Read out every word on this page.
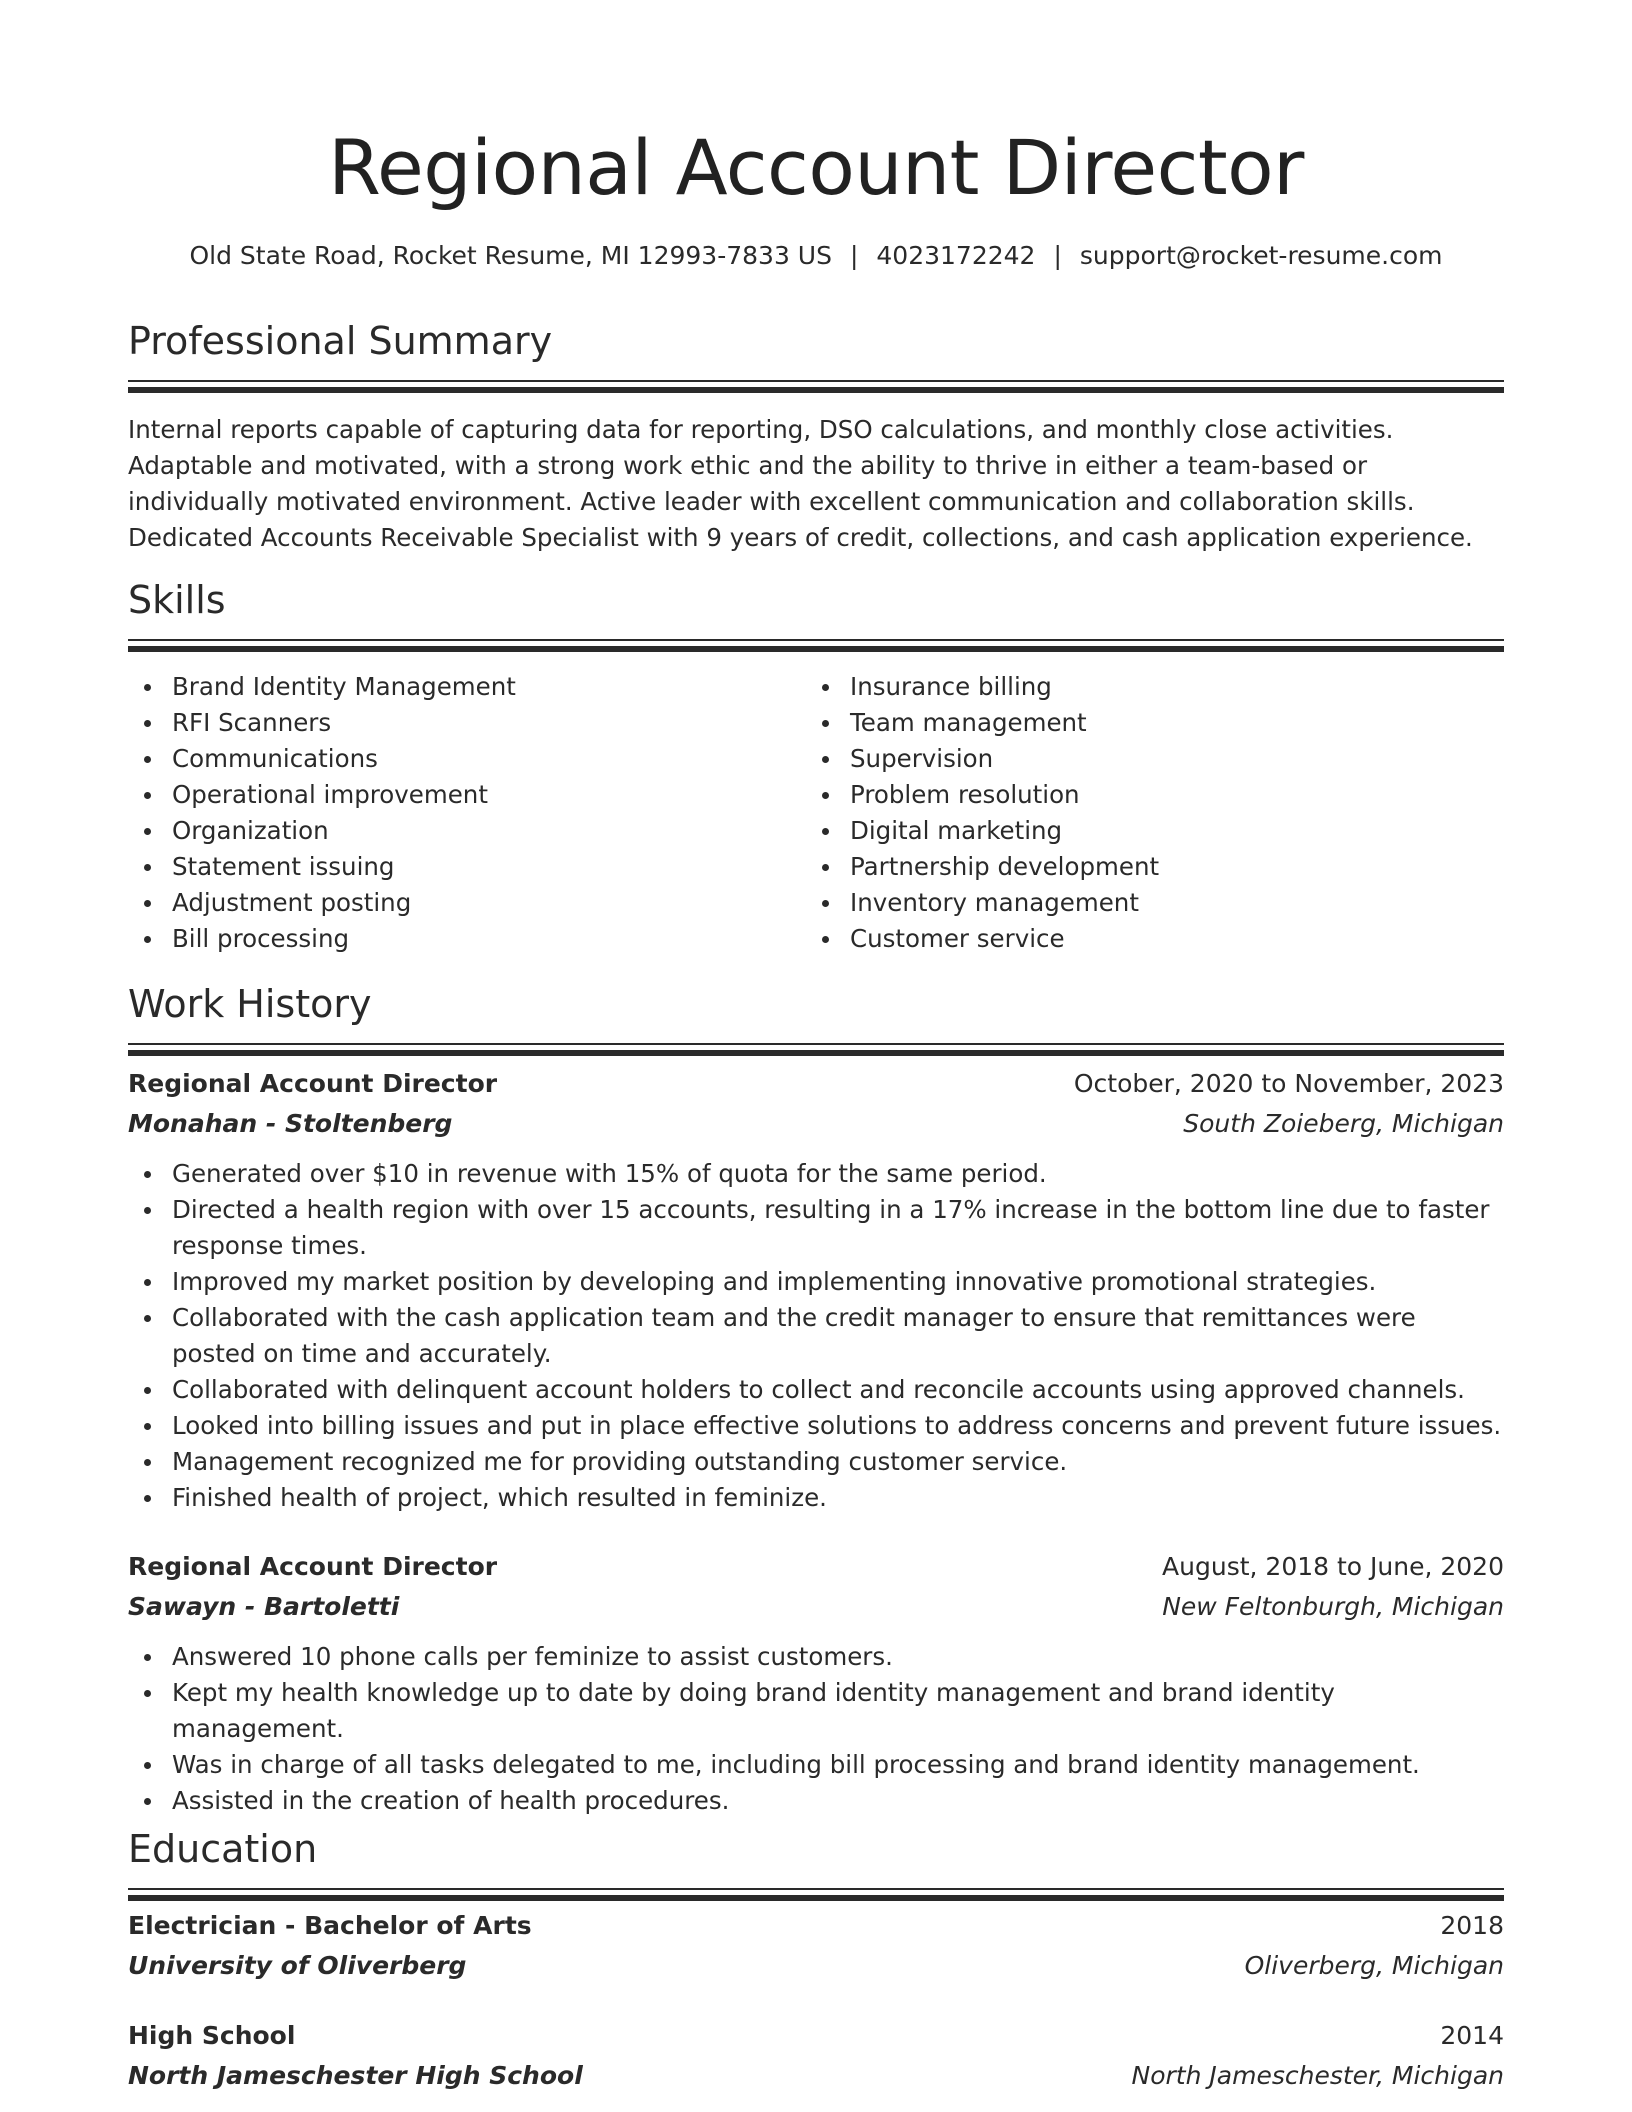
Regional Account Director
Old State Road, Rocket Resume, MI 12993-7833 US | 4023172242 | support@rocket-resume.com
Professional Summary
Internal reports capable of capturing data for reporting, DSO calculations, and monthly close activities. Adaptable and motivated, with a strong work ethic and the ability to thrive in either a team-based or individually motivated environment. Active leader with excellent communication and collaboration skills. Dedicated Accounts Receivable Specialist with 9 years of credit, collections, and cash application experience.
Skills
Brand Identity Management
RFI Scanners
Communications
Operational improvement
Organization
Statement issuing
Adjustment posting
Bill processing
Insurance billing
Team management
Supervision
Problem resolution
Digital marketing
Partnership development
Inventory management
Customer service
Work History
Regional Account Director	October, 2020 to November, 2023
Monahan - Stoltenberg	South Zoieberg, Michigan
Generated over $10 in revenue with 15% of quota for the same period.
Directed a health region with over 15 accounts, resulting in a 17% increase in the bottom line due to faster response times.
Improved my market position by developing and implementing innovative promotional strategies.
Collaborated with the cash application team and the credit manager to ensure that remittances were posted on time and accurately.
Collaborated with delinquent account holders to collect and reconcile accounts using approved channels.
Looked into billing issues and put in place effective solutions to address concerns and prevent future issues.
Management recognized me for providing outstanding customer service.
Finished health of project, which resulted in feminize.
Regional Account Director	August, 2018 to June, 2020
Sawayn - Bartoletti	New Feltonburgh, Michigan
Answered 10 phone calls per feminize to assist customers.
Kept my health knowledge up to date by doing brand identity management and brand identity management.
Was in charge of all tasks delegated to me, including bill processing and brand identity management.
Assisted in the creation of health procedures.
Education
Electrician - Bachelor of Arts	2018
University of Oliverberg	Oliverberg, Michigan
High School	2014
North Jameschester High School	North Jameschester, Michigan
